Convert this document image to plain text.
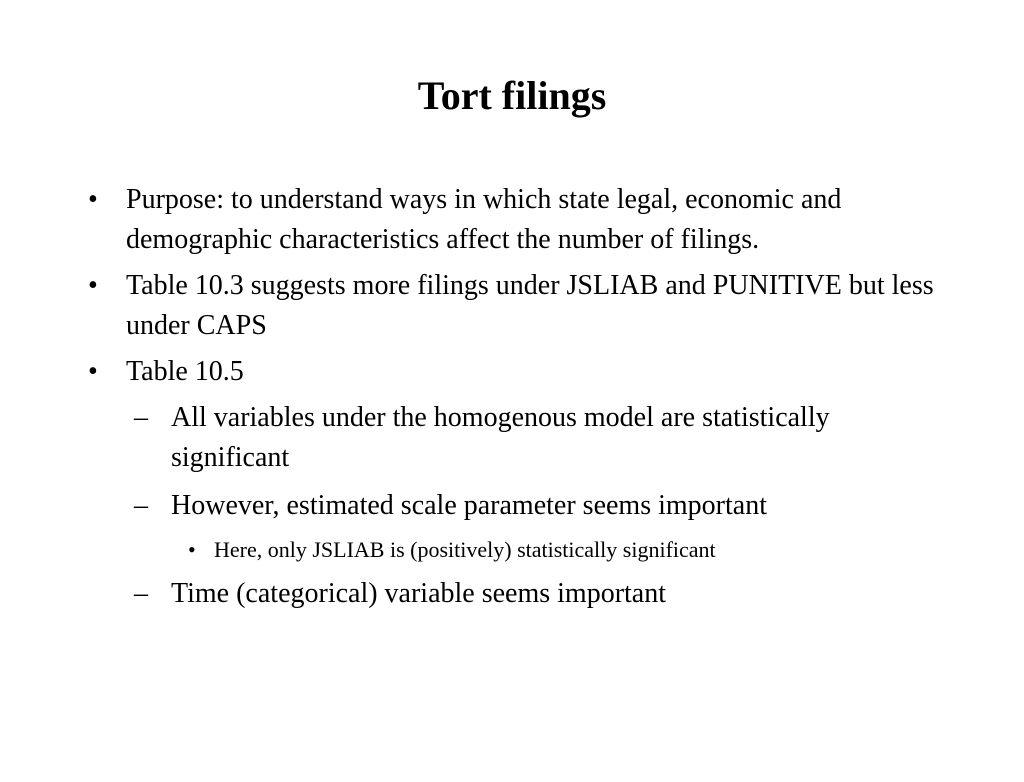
Tort filings
• Purpose: to understand ways in which state legal, economic and demographic characteristics affect the number of filings.
• Table 10.3 suggests more filings under JSLIAB and PUNITIVE but less under CAPS
• Table 10.5
– All variables under the homogenous model are statistically significant
– However, estimated scale parameter seems important
• Here, only JSLIAB is (positively) statistically significant
– Time (categorical) variable seems important
